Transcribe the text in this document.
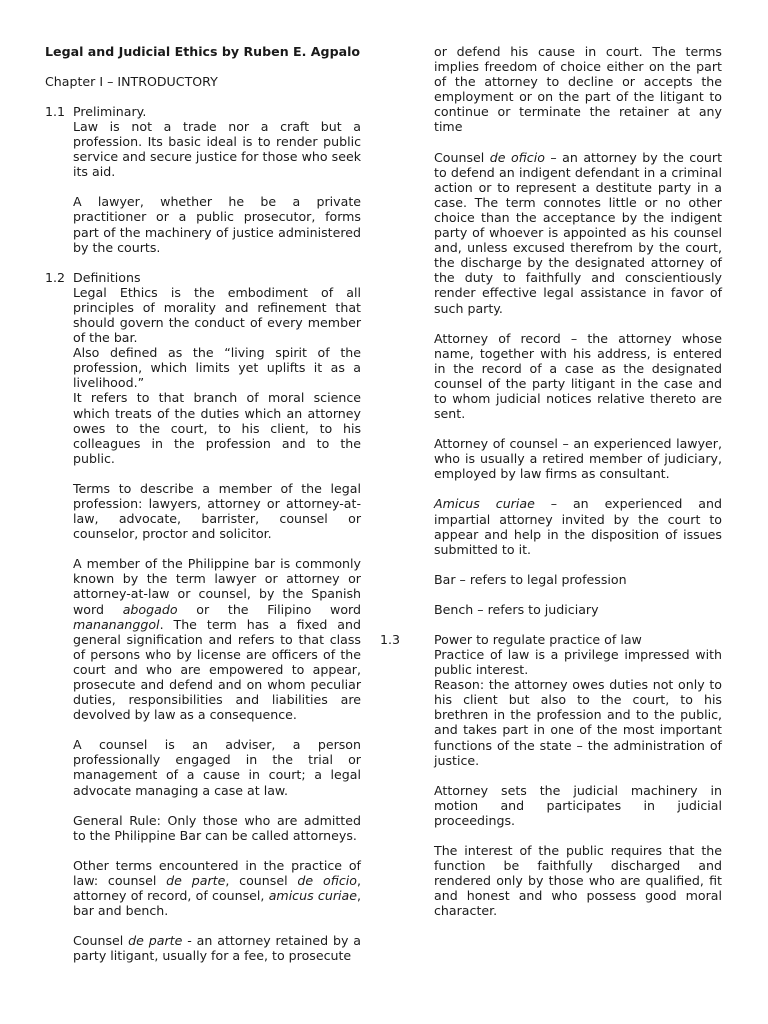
Legal and Judicial Ethics by Ruben E. Agpalo
Chapter I – INTRODUCTORY
1.1 Preliminary.

Law is not a trade nor a craft but a profession. Its basic ideal is to render public service and secure justice for those who seek its aid.

A lawyer, whether he be a private practitioner or a public prosecutor, forms part of the machinery of justice administered by the courts.

1.2 Definitions

Legal Ethics is the embodiment of all principles of morality and refinement that should govern the conduct of every member of the bar.

Also defined as the “living spirit of the profession, which limits yet uplifts it as a livelihood.”

It refers to that branch of moral science which treats of the duties which an attorney owes to the court, to his client, to his colleagues in the profession and to the public.

Terms to describe a member of the legal profession: lawyers, attorney or attorney-at-law, advocate, barrister, counsel or counselor, proctor and solicitor.

A member of the Philippine bar is commonly known by the term lawyer or attorney or attorney-at-law or counsel, by the Spanish word abogado or the Filipino word manananggol. The term has a fixed and general signification and refers to that class of persons who by license are officers of the court and who are empowered to appear, prosecute and defend and on whom peculiar duties, responsibilities and liabilities are devolved by law as a consequence.

A counsel is an adviser, a person professionally engaged in the trial or management of a cause in court; a legal advocate managing a case at law.

General Rule: Only those who are admitted to the Philippine Bar can be called attorneys.

Other terms encountered in the practice of law: counsel de parte, counsel de oficio, attorney of record, of counsel, amicus curiae, bar and bench.

Counsel de parte - an attorney retained by a party litigant, usually for a fee, to prosecute

or defend his cause in court. The terms implies freedom of choice either on the part of the attorney to decline or accepts the employment or on the part of the litigant to continue or terminate the retainer at any time

Counsel de oficio – an attorney by the court to defend an indigent defendant in a criminal action or to represent a destitute party in a case. The term connotes little or no other choice than the acceptance by the indigent party of whoever is appointed as his counsel and, unless excused therefrom by the court, the discharge by the designated attorney of the duty to faithfully and conscientiously render effective legal assistance in favor of such party.

Attorney of record – the attorney whose name, together with his address, is entered in the record of a case as the designated counsel of the party litigant in the case and to whom judicial notices relative thereto are sent.

Attorney of counsel – an experienced lawyer, who is usually a retired member of judiciary, employed by law firms as consultant.

Amicus curiae – an experienced and impartial attorney invited by the court to appear and help in the disposition of issues submitted to it.

Bar – refers to legal profession

Bench – refers to judiciary

1.3	Power to regulate practice of law

Practice of law is a privilege impressed with public interest.

Reason: the attorney owes duties not only to his client but also to the court, to his brethren in the profession and to the public, and takes part in one of the most important functions of the state – the administration of justice.

Attorney sets the judicial machinery in motion and participates in judicial proceedings.

The interest of the public requires that the function be faithfully discharged and rendered only by those who are qualified, fit and honest and who possess good moral character.
